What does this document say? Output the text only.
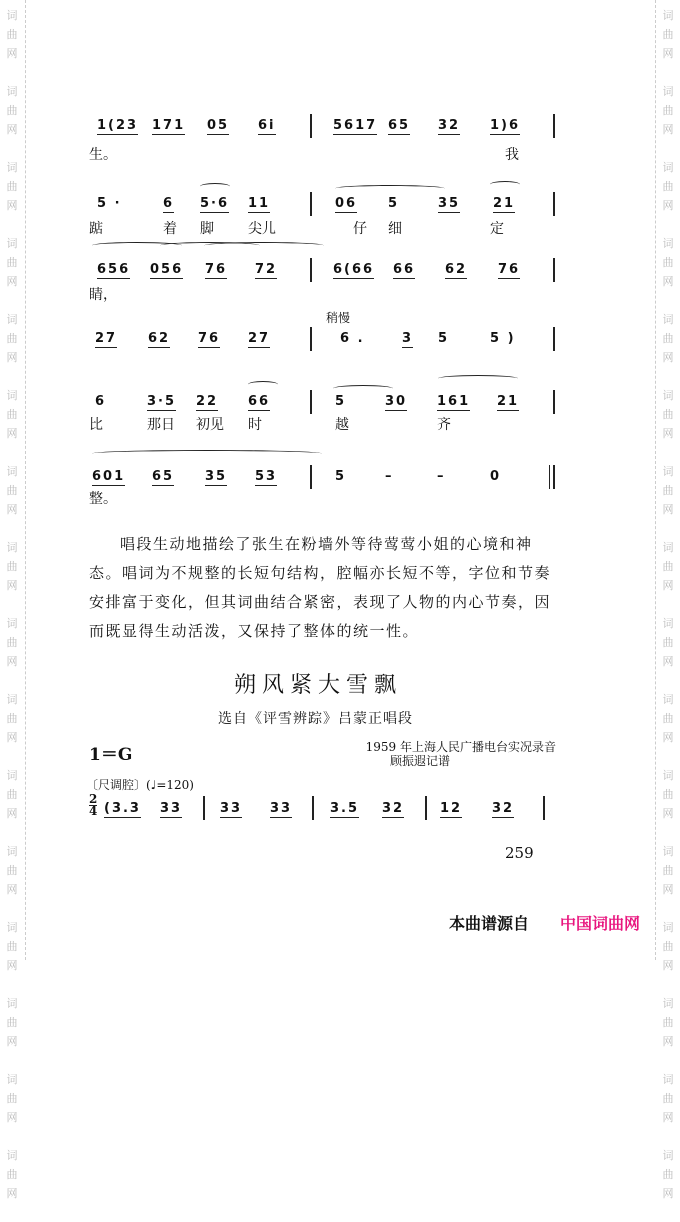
词
曲
网

词
曲
网

词
曲
网

词
曲
网

词
曲
网

词
曲
网

词
曲
网

词
曲
网

词
曲
网

词
曲
网

词
曲
网

词
曲
网

词
曲
网

词
曲
网

词
曲
网

词
曲
网

词
曲
网

词
曲
网

词
曲
网

词
曲
网

词
曲
网

词
曲
网

词
曲
网

词
曲
网

词
曲
网

词
曲
网

词
曲
网

词
曲
网

词
曲
网

词
曲
网

词
曲
网

词
曲
网

1(23 171 05 6i	5617 65 32 1)6
生。	我
5 ·	6 5·6 11	06 5	35	21
踮	着 脚 尖儿	仔 细	定
656 056 76 72	6(66 66 62 76
睛，
27 62 76 27	6 .	3 5	5 )
稍慢
6	3·5 22 66	5	30 161 21
比	那日 初见 时	越	齐
601 65 35 53	5	–	–	0
整。
唱段生动地描绘了张生在粉墙外等待莺莺小姐的心境和神
态。唱词为不规整的长短句结构，腔幅亦长短不等，字位和节奏
安排富于变化，但其词曲结合紧密，表现了人物的内心节奏，因
而既显得生动活泼，又保持了整体的统一性。
朔风紧大雪飘
选自《评雪辨踪》吕蒙正唱段
1＝G	1959 年上海人民广播电台实况录音
顾振遐记谱
〔尺调腔〕(♩=120)
2
4 (3.3 33	33 33	3.5 32	12 32
259
本曲谱源自 中国词曲网
